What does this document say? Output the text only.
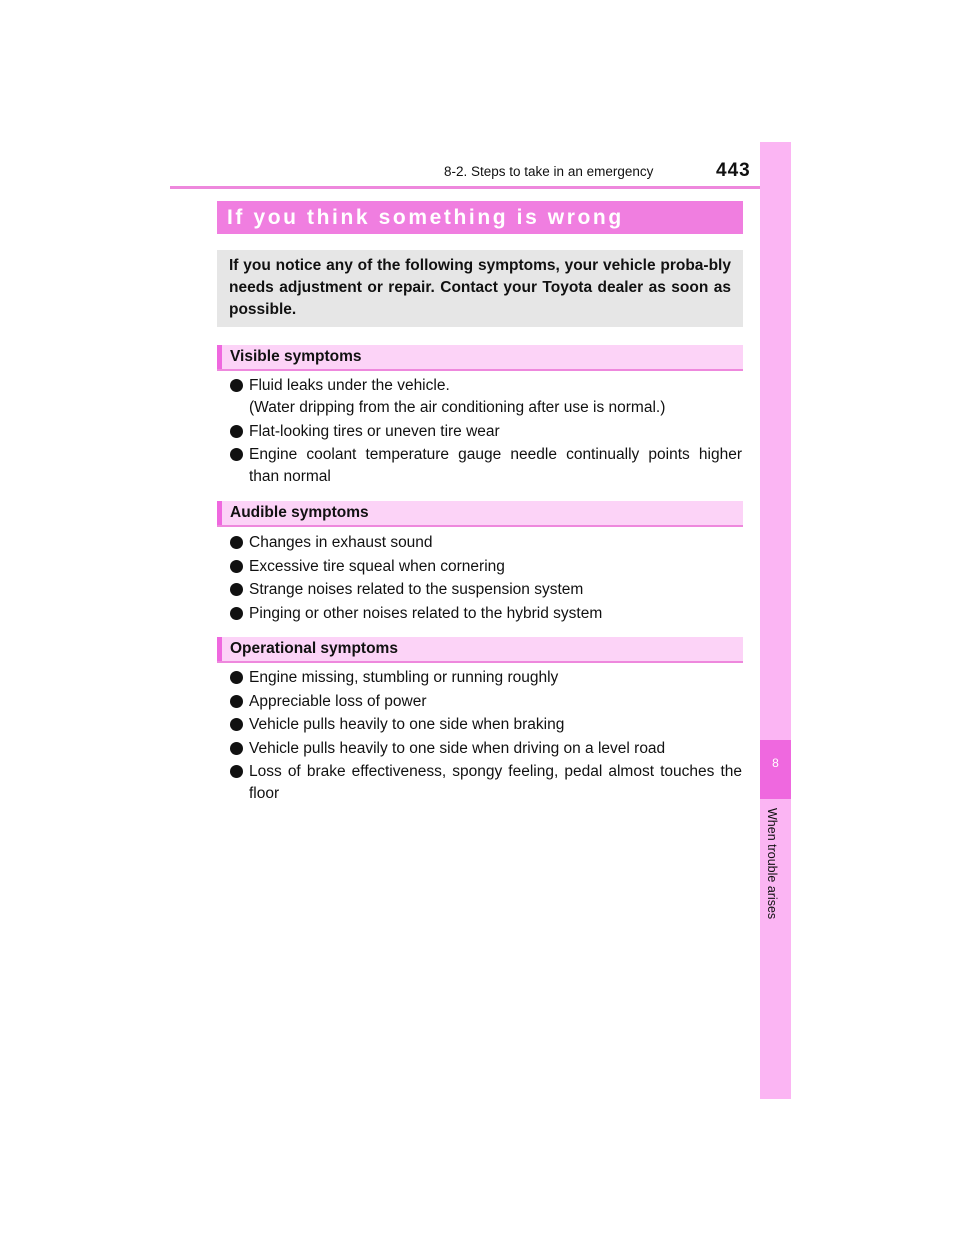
8-2. Steps to take in an emergency	443
8
When trouble arises
If you think something is wrong
If you notice any of the following symptoms, your vehicle proba-bly needs adjustment or repair. Contact your Toyota dealer as soon as possible.
Visible symptoms
Fluid leaks under the vehicle.
(Water dripping from the air conditioning after use is normal.)
Flat-looking tires or uneven tire wear
Engine coolant temperature gauge needle continually points higher than normal
Audible symptoms
Changes in exhaust sound
Excessive tire squeal when cornering
Strange noises related to the suspension system
Pinging or other noises related to the hybrid system
Operational symptoms
Engine missing, stumbling or running roughly
Appreciable loss of power
Vehicle pulls heavily to one side when braking
Vehicle pulls heavily to one side when driving on a level road
Loss of brake effectiveness, spongy feeling, pedal almost touches the floor
